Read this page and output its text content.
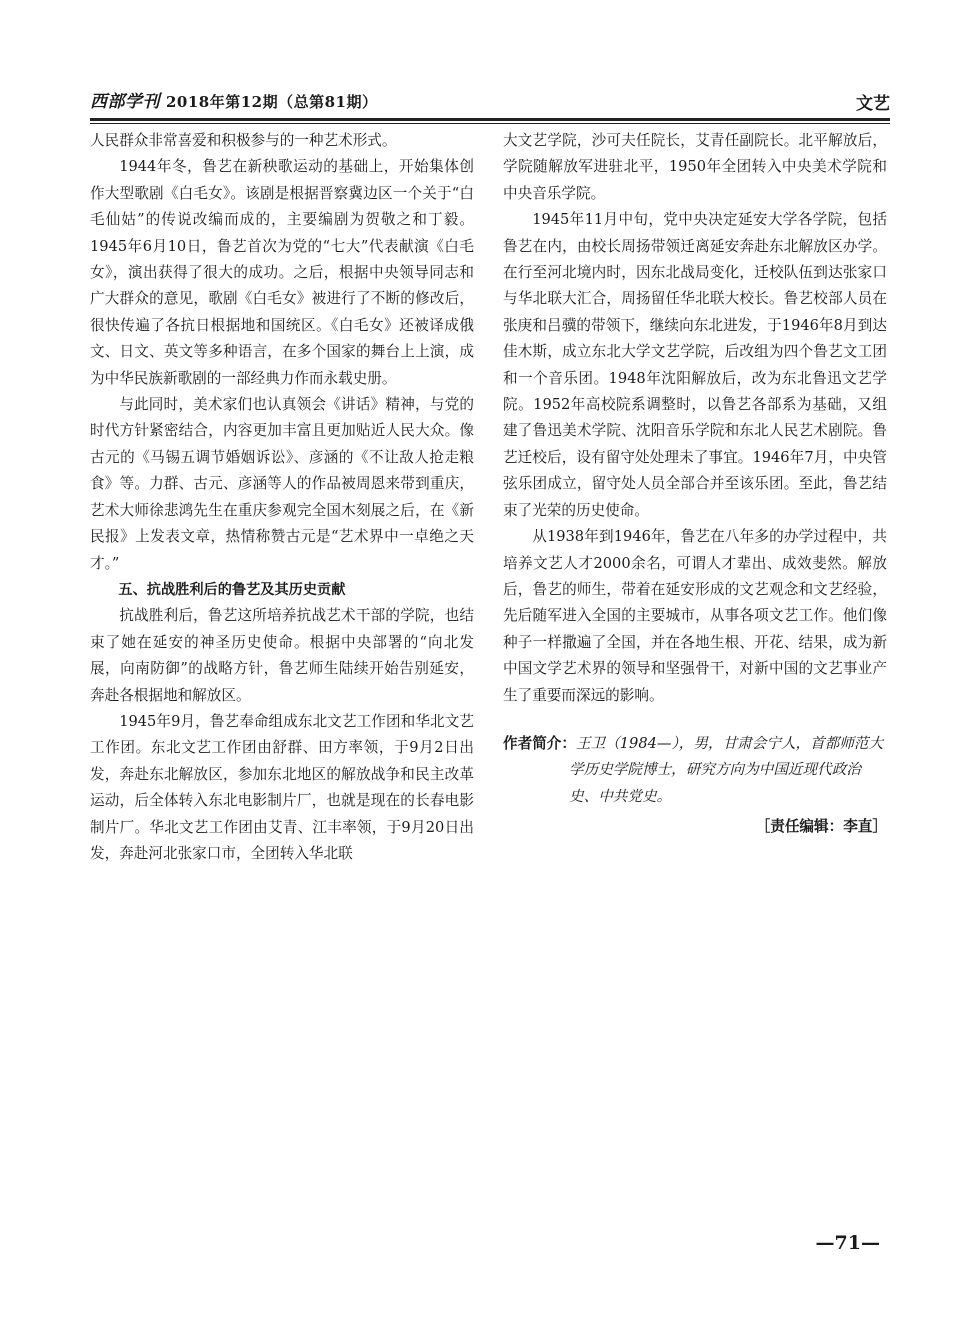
西部学刊 2018年第12期（总第81期）	文艺

人民群众非常喜爱和积极参与的一种艺术形式。

1944年冬，鲁艺在新秧歌运动的基础上，开始集体创作大型歌剧《白毛女》。该剧是根据晋察冀边区一个关于“白毛仙姑”的传说改编而成的，主要编剧为贺敬之和丁毅。1945年6月10日，鲁艺首次为党的“七大”代表献演《白毛女》，演出获得了很大的成功。之后，根据中央领导同志和广大群众的意见，歌剧《白毛女》被进行了不断的修改后，很快传遍了各抗日根据地和国统区。《白毛女》还被译成俄文、日文、英文等多种语言，在多个国家的舞台上上演，成为中华民族新歌剧的一部经典力作而永载史册。

与此同时，美术家们也认真领会《讲话》精神，与党的时代方针紧密结合，内容更加丰富且更加贴近人民大众。像古元的《马锡五调节婚姻诉讼》、彦涵的《不让敌人抢走粮食》等。力群、古元、彦涵等人的作品被周恩来带到重庆，艺术大师徐悲鸿先生在重庆参观完全国木刻展之后，在《新民报》上发表文章，热情称赞古元是“艺术界中一卓绝之天才。”

五、抗战胜利后的鲁艺及其历史贡献

抗战胜利后，鲁艺这所培养抗战艺术干部的学院，也结束了她在延安的神圣历史使命。根据中央部署的“向北发展，向南防御”的战略方针，鲁艺师生陆续开始告别延安，奔赴各根据地和解放区。

1945年9月，鲁艺奉命组成东北文艺工作团和华北文艺工作团。东北文艺工作团由舒群、田方率领，于9月2日出发，奔赴东北解放区，参加东北地区的解放战争和民主改革运动，后全体转入东北电影制片厂，也就是现在的长春电影制片厂。华北文艺工作团由艾青、江丰率领，于9月20日出发，奔赴河北张家口市，全团转入华北联

大文艺学院，沙可夫任院长，艾青任副院长。北平解放后，学院随解放军进驻北平，1950年全团转入中央美术学院和中央音乐学院。

1945年11月中旬，党中央决定延安大学各学院，包括鲁艺在内，由校长周扬带领迁离延安奔赴东北解放区办学。在行至河北境内时，因东北战局变化，迁校队伍到达张家口与华北联大汇合，周扬留任华北联大校长。鲁艺校部人员在张庚和吕骥的带领下，继续向东北进发，于1946年8月到达佳木斯，成立东北大学文艺学院，后改组为四个鲁艺文工团和一个音乐团。1948年沈阳解放后，改为东北鲁迅文艺学院。1952年高校院系调整时，以鲁艺各部系为基础，又组建了鲁迅美术学院、沈阳音乐学院和东北人民艺术剧院。鲁艺迁校后，设有留守处处理未了事宜。1946年7月，中央管弦乐团成立，留守处人员全部合并至该乐团。至此，鲁艺结束了光荣的历史使命。

从1938年到1946年，鲁艺在八年多的办学过程中，共培养文艺人才2000余名，可谓人才辈出、成效斐然。解放后，鲁艺的师生，带着在延安形成的文艺观念和文艺经验，先后随军进入全国的主要城市，从事各项文艺工作。他们像种子一样撒遍了全国，并在各地生根、开花、结果，成为新中国文学艺术界的领导和坚强骨干，对新中国的文艺事业产生了重要而深远的影响。

作者简介：王卫（1984—），男，甘肃会宁人，首都师范大

学历史学院博士，研究方向为中国近现代政治

史、中共党史。

［责任编辑：李直］

—71—
